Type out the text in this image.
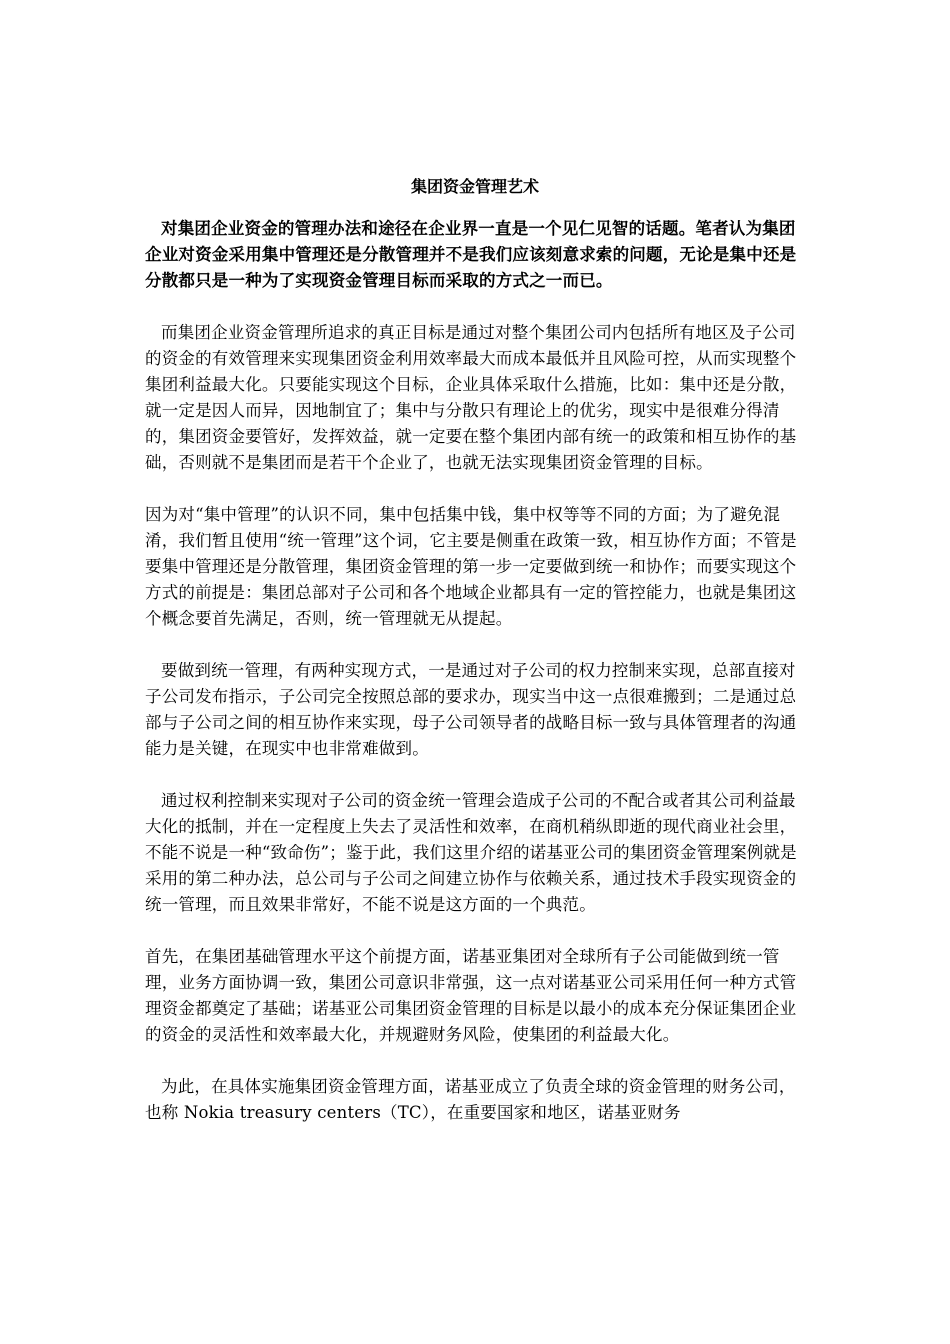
集团资金管理艺术

对集团企业资金的管理办法和途径在企业界一直是一个见仁见智的话题。笔者认为集团企业对资金采用集中管理还是分散管理并不是我们应该刻意求索的问题，无论是集中还是分散都只是一种为了实现资金管理目标而采取的方式之一而已。

而集团企业资金管理所追求的真正目标是通过对整个集团公司内包括所有地区及子公司的资金的有效管理来实现集团资金利用效率最大而成本最低并且风险可控，从而实现整个集团利益最大化。只要能实现这个目标，企业具体采取什么措施，比如：集中还是分散，就一定是因人而异，因地制宜了；集中与分散只有理论上的优劣，现实中是很难分得清的，集团资金要管好，发挥效益，就一定要在整个集团内部有统一的政策和相互协作的基础，否则就不是集团而是若干个企业了，也就无法实现集团资金管理的目标。

因为对“集中管理”的认识不同，集中包括集中钱，集中权等等不同的方面；为了避免混淆，我们暂且使用“统一管理”这个词，它主要是侧重在政策一致，相互协作方面；不管是要集中管理还是分散管理，集团资金管理的第一步一定要做到统一和协作；而要实现这个方式的前提是：集团总部对子公司和各个地域企业都具有一定的管控能力，也就是集团这个概念要首先满足，否则，统一管理就无从提起。

要做到统一管理，有两种实现方式，一是通过对子公司的权力控制来实现，总部直接对子公司发布指示，子公司完全按照总部的要求办，现实当中这一点很难搬到；二是通过总部与子公司之间的相互协作来实现，母子公司领导者的战略目标一致与具体管理者的沟通能力是关键，在现实中也非常难做到。

通过权利控制来实现对子公司的资金统一管理会造成子公司的不配合或者其公司利益最大化的抵制，并在一定程度上失去了灵活性和效率，在商机稍纵即逝的现代商业社会里，不能不说是一种“致命伤”；鉴于此，我们这里介绍的诺基亚公司的集团资金管理案例就是采用的第二种办法，总公司与子公司之间建立协作与依赖关系，通过技术手段实现资金的统一管理，而且效果非常好，不能不说是这方面的一个典范。

首先，在集团基础管理水平这个前提方面，诺基亚集团对全球所有子公司能做到统一管理，业务方面协调一致，集团公司意识非常强，这一点对诺基亚公司采用任何一种方式管理资金都奠定了基础；诺基亚公司集团资金管理的目标是以最小的成本充分保证集团企业的资金的灵活性和效率最大化，并规避财务风险，使集团的利益最大化。

为此，在具体实施集团资金管理方面，诺基亚成立了负责全球的资金管理的财务公司，也称 Nokia treasury centers（TC），在重要国家和地区，诺基亚财务
